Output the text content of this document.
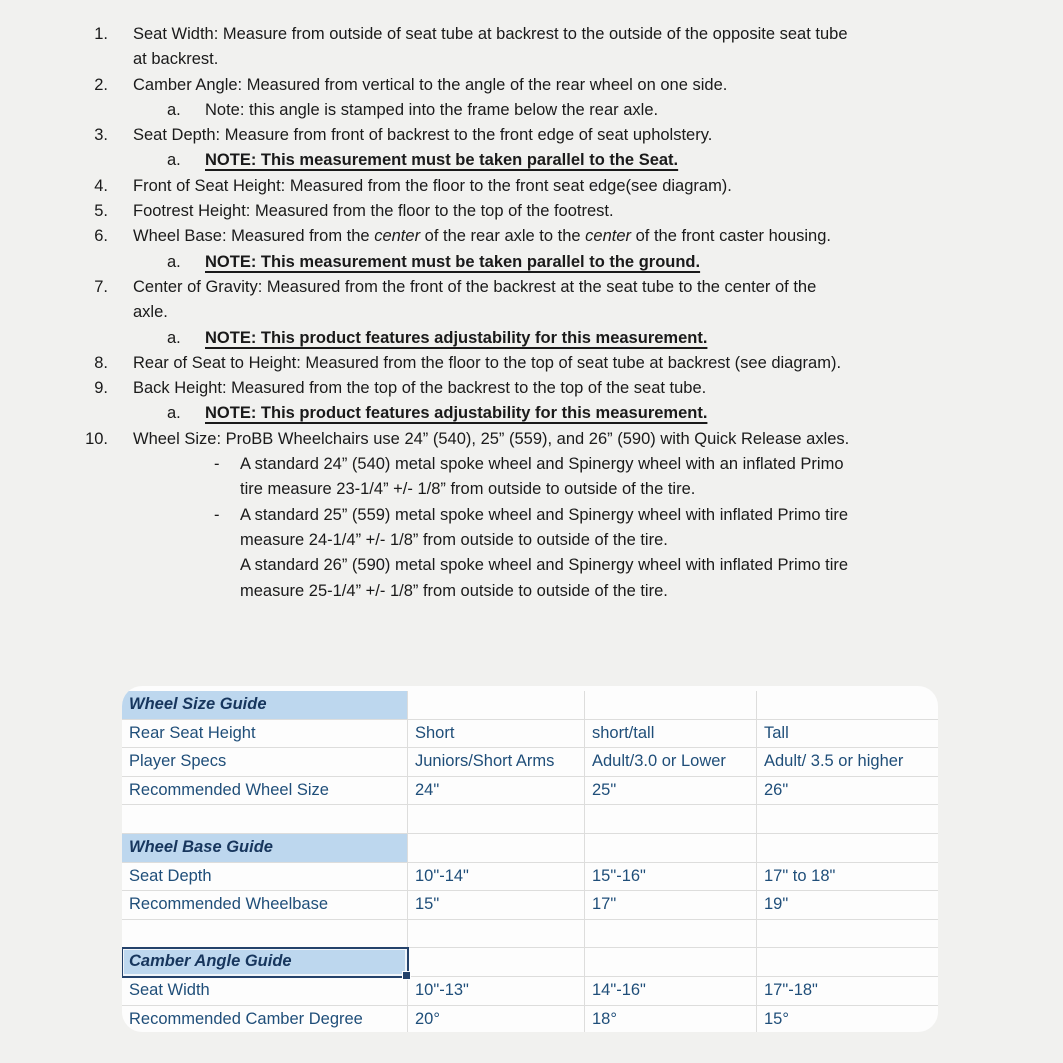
1. Seat Width: Measure from outside of seat tube at backrest to the outside of the opposite seat tube at backrest.
2. Camber Angle: Measured from vertical to the angle of the rear wheel on one side.
a. Note: this angle is stamped into the frame below the rear axle.
3. Seat Depth: Measure from front of backrest to the front edge of seat upholstery.
a. NOTE: This measurement must be taken parallel to the Seat.
4. Front of Seat Height: Measured from the floor to the front seat edge(see diagram).
5. Footrest Height: Measured from the floor to the top of the footrest.
6. Wheel Base: Measured from the center of the rear axle to the center of the front caster housing.
a. NOTE: This measurement must be taken parallel to the ground.
7. Center of Gravity: Measured from the front of the backrest at the seat tube to the center of the axle.
a. NOTE: This product features adjustability for this measurement.
8. Rear of Seat to Height: Measured from the floor to the top of seat tube at backrest (see diagram).
9. Back Height: Measured from the top of the backrest to the top of the seat tube.
a. NOTE: This product features adjustability for this measurement.
10. Wheel Size: ProBB Wheelchairs use 24” (540), 25” (559), and 26” (590) with Quick Release axles.
- A standard 24” (540) metal spoke wheel and Spinergy wheel with an inflated Primo tire measure 23-1/4” +/- 1/8” from outside to outside of the tire.
- A standard 25” (559) metal spoke wheel and Spinergy wheel with inflated Primo tire measure 24-1/4” +/- 1/8” from outside to outside of the tire.
A standard 26” (590) metal spoke wheel and Spinergy wheel with inflated Primo tire measure 25-1/4” +/- 1/8” from outside to outside of the tire.
Wheel Size Guide
Rear Seat Height	Short	short/tall	Tall
Player Specs	Juniors/Short Arms	Adult/3.0 or Lower	Adult/ 3.5 or higher
Recommended Wheel Size	24"	25"	26"
Wheel Base Guide
Seat Depth	10"-14"	15"-16"	17" to 18"
Recommended Wheelbase	15"	17"	19"
Camber Angle Guide
Seat Width	10"-13"	14"-16"	17"-18"
Recommended Camber Degree	20°	18°	15°
